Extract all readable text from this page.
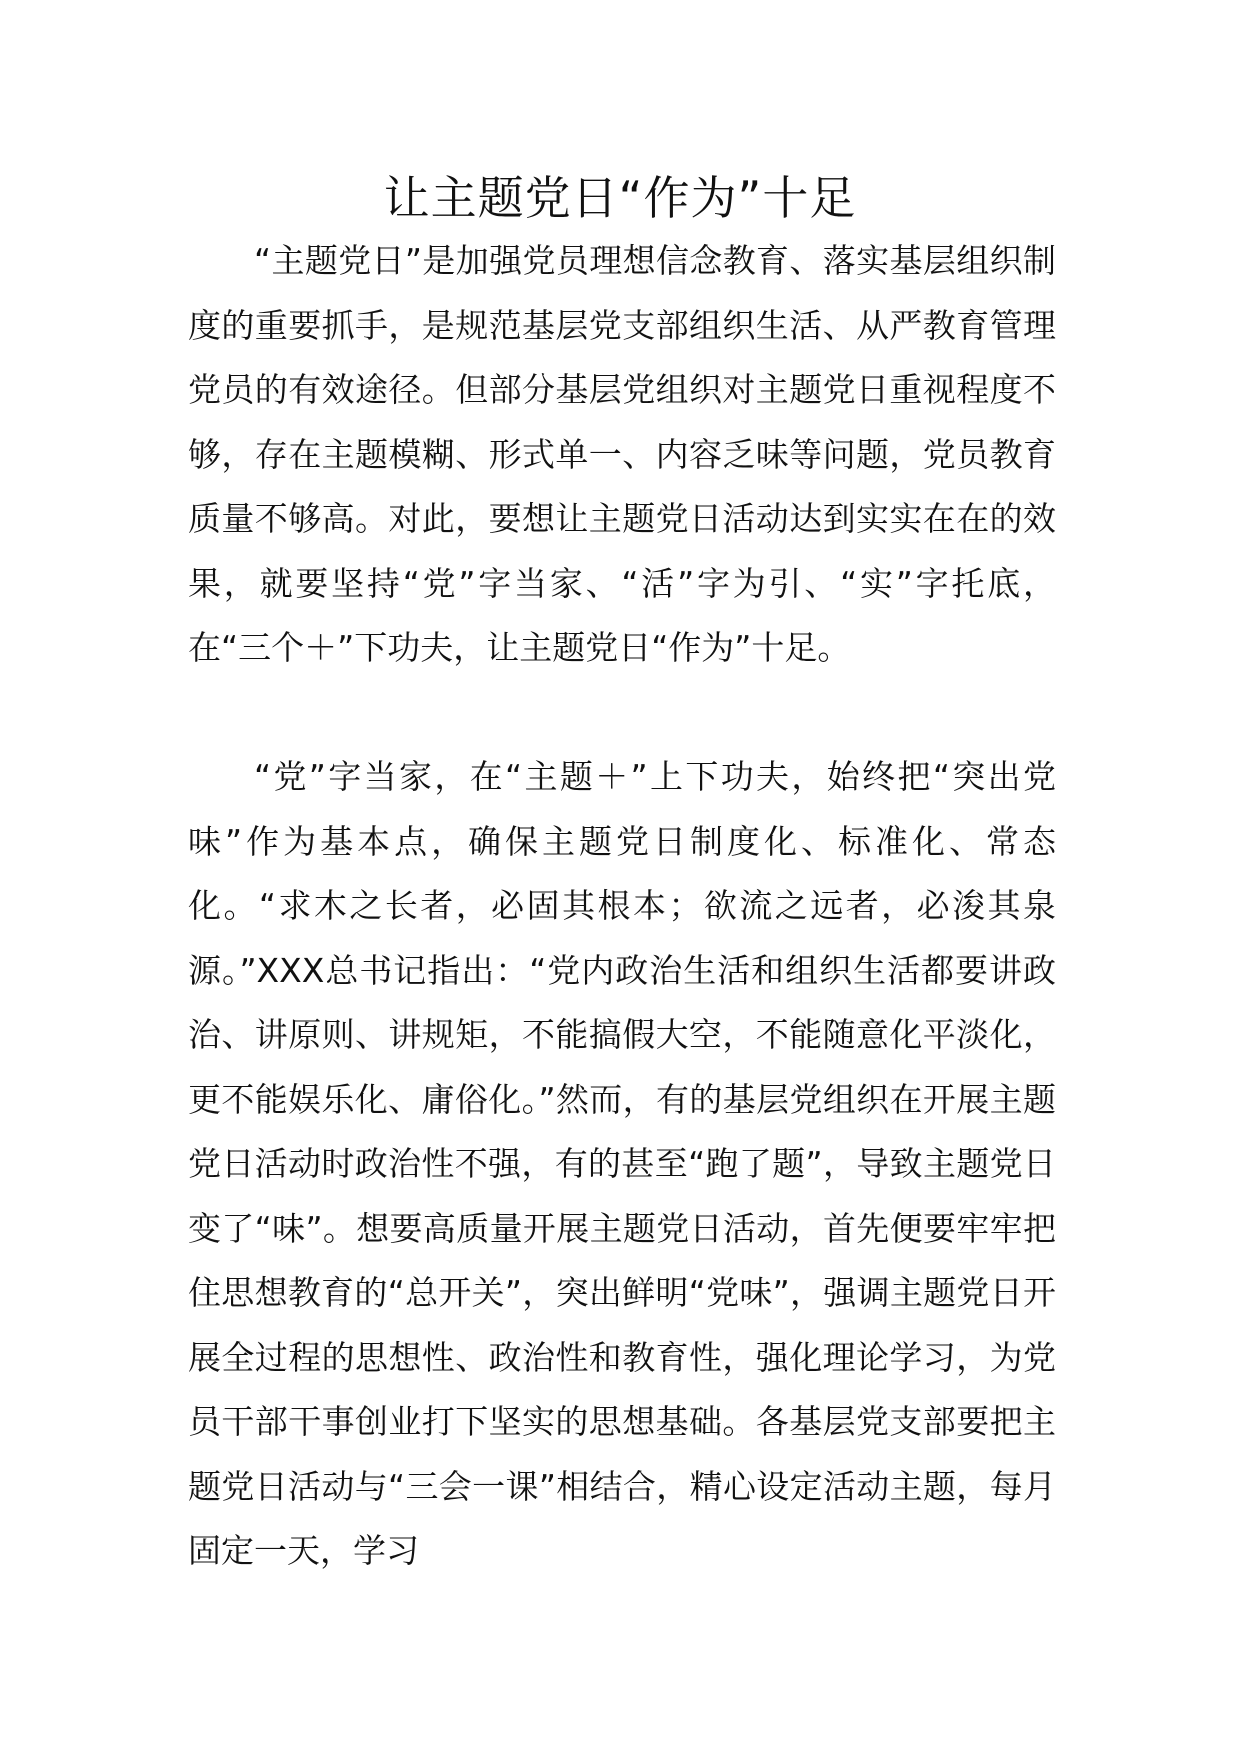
让主题党日“作为”十足

“主题党日”是加强党员理想信念教育、落实基层组织制度的重要抓手，是规范基层党支部组织生活、从严教育管理党员的有效途径。但部分基层党组织对主题党日重视程度不够，存在主题模糊、形式单一、内容乏味等问题，党员教育质量不够高。对此，要想让主题党日活动达到实实在在的效果，就要坚持“党”字当家、“活”字为引、“实”字托底，在“三个＋”下功夫，让主题党日“作为”十足。

“党”字当家，在“主题＋”上下功夫，始终把“突出党味”作为基本点，确保主题党日制度化、标准化、常态化。“求木之长者，必固其根本；欲流之远者，必浚其泉源。”XXX总书记指出：“党内政治生活和组织生活都要讲政治、讲原则、讲规矩，不能搞假大空，不能随意化平淡化，更不能娱乐化、庸俗化。”然而，有的基层党组织在开展主题党日活动时政治性不强，有的甚至“跑了题”，导致主题党日变了“味”。想要高质量开展主题党日活动，首先便要牢牢把住思想教育的“总开关”，突出鲜明“党味”，强调主题党日开展全过程的思想性、政治性和教育性，强化理论学习，为党员干部干事创业打下坚实的思想基础。各基层党支部要把主题党日活动与“三会一课”相结合，精心设定活动主题，每月固定一天，学习
